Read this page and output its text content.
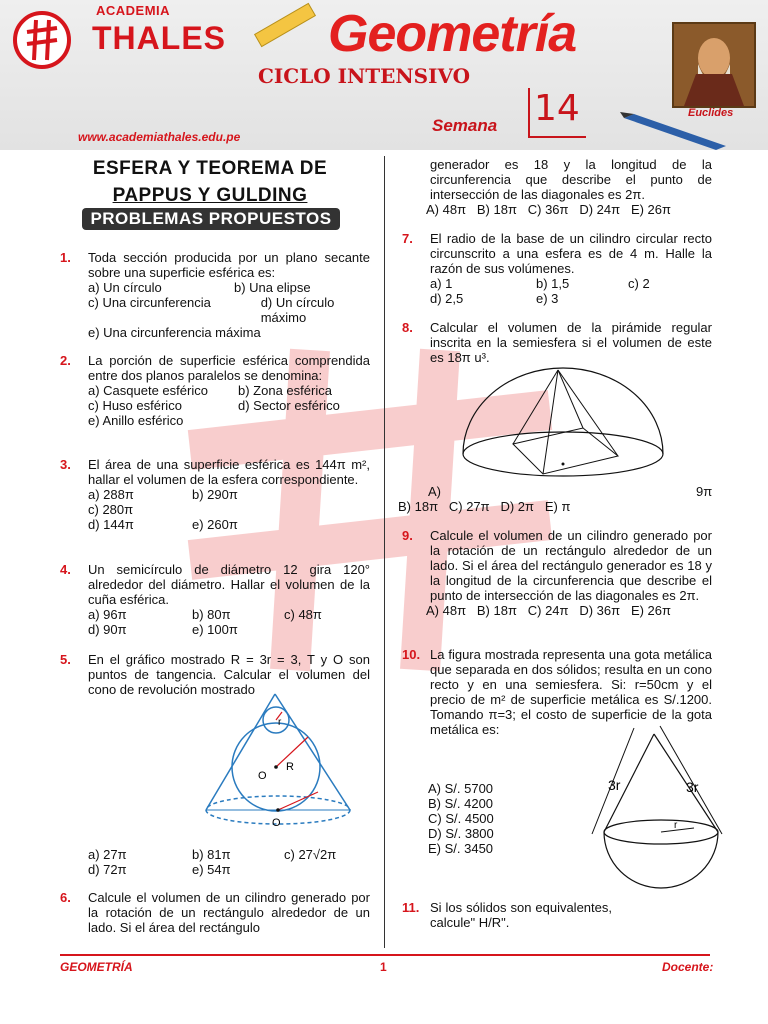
ACADEMIA
THALES Geometría
CICLO INTENSIVO
Semana 14
www.academiathales.edu.pe
Euclides
ESFERA Y TEOREMA DE
PAPPUS Y GULDING
PROBLEMAS PROPUESTOS
1. Toda sección producida por un plano secante sobre una superficie esférica es:
a) Un círculo	b) Una elipse
c) Una circunferencia	d) Un círculo máximo
e) Una circunferencia máxima
2. La porción de superficie esférica comprendida entre dos planos paralelos se denomina:
a) Casquete esférico	b) Zona esférica
c) Huso esférico	d) Sector esférico
e) Anillo esférico
3. El área de una superficie esférica es 144π m², hallar el volumen de la esfera correspondiente.
a) 288π	b) 290π
c) 280π
d) 144π	e) 260π
4. Un semicírculo de diámetro 12 gira 120° alrededor del diámetro. Hallar el volumen de la cuña esférica.
a) 96π	b) 80π	c) 48π
d) 90π	e) 100π
5. En el gráfico mostrado R = 3r = 3, T y O son puntos de tangencia. Calcular el volumen del cono de revolución mostrado
r
R
O
O
a) 27π	b) 81π	c) 27√2π
d) 72π	e) 54π
6. Calcule el volumen de un cilindro generado por la rotación de un rectángulo alrededor de un lado. Si el área del rectángulo
generador es 18 y la longitud de la circunferencia que describe el punto de intersección de las diagonales es 2π.
A) 48π   B) 18π   C) 36π   D) 24π   E) 26π
7. El radio de la base de un cilindro circular recto circunscrito a una esfera es de 4 m. Halle la razón de sus volúmenes.
a) 1	b) 1,5	c) 2
d) 2,5	e) 3
8. Calcular el volumen de la pirámide regular inscrita en la semiesfera si el volumen de este es 18π u³.
A)	9π
B) 18π   C) 27π   D) 2π   E) π
9. Calcule el volumen de un cilindro generado por la rotación de un rectángulo alrededor de un lado. Si el área del rectángulo generador es 18 y la longitud de la circunferencia que describe el punto de intersección de las diagonales es 2π.
A) 48π   B) 18π   C) 24π   D) 36π   E) 26π
10. La figura mostrada representa una gota metálica que separada en dos sólidos; resulta en un cono recto y en una semiesfera. Si: r=50cm y el precio de m² de superficie metálica es S/.1200. Tomando π=3; el costo de superficie de la gota metálica es:
A) S/. 5700
B) S/. 4200
C) S/. 4500
D) S/. 3800
E) S/. 3450
3r	3r
r
11. Si los sólidos son equivalentes, calcule" H/R".
GEOMETRÍA	1	Docente:
